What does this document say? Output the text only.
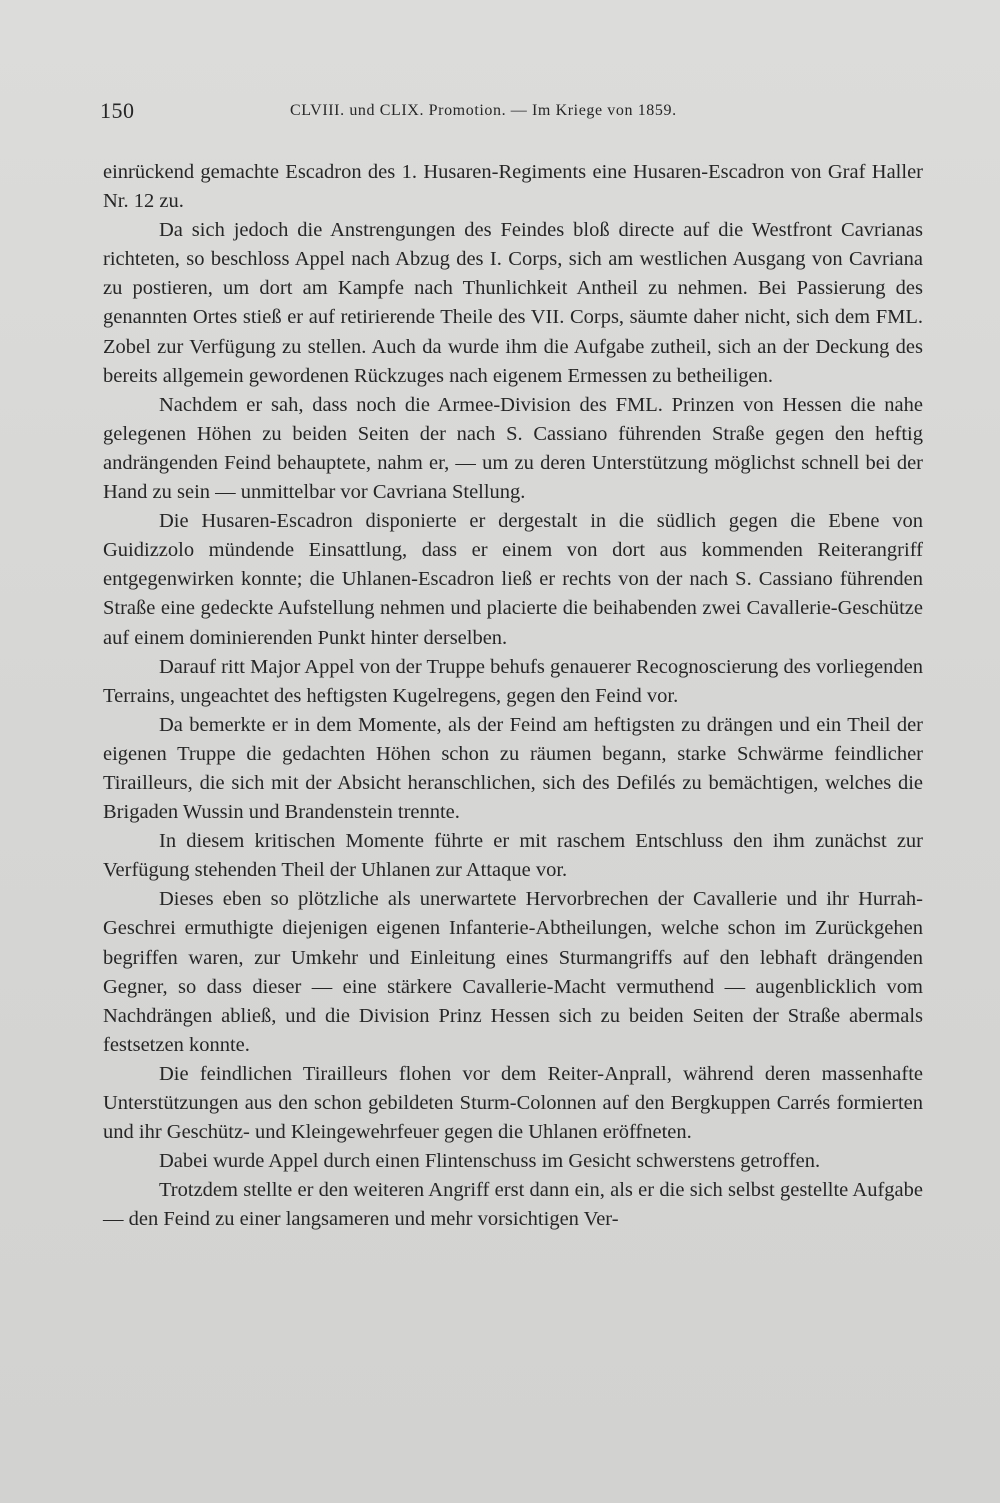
150	CLVIII. und CLIX. Promotion. — Im Kriege von 1859.

einrückend gemachte Escadron des 1. Husaren-Regiments eine Husaren-Escadron von Graf Haller Nr. 12 zu.

Da sich jedoch die Anstrengungen des Feindes bloß directe auf die Westfront Cavrianas richteten, so beschloss Appel nach Abzug des I. Corps, sich am westlichen Ausgang von Cavriana zu postieren, um dort am Kampfe nach Thunlichkeit Antheil zu nehmen. Bei Passierung des genannten Ortes stieß er auf retirierende Theile des VII. Corps, säumte daher nicht, sich dem FML. Zobel zur Verfügung zu stellen. Auch da wurde ihm die Aufgabe zutheil, sich an der Deckung des bereits allgemein gewordenen Rückzuges nach eigenem Ermessen zu betheiligen.

Nachdem er sah, dass noch die Armee-Division des FML. Prinzen von Hessen die nahe gelegenen Höhen zu beiden Seiten der nach S. Cassiano führenden Straße gegen den heftig andrängenden Feind behauptete, nahm er, — um zu deren Unterstützung möglichst schnell bei der Hand zu sein — unmittelbar vor Cavriana Stellung.

Die Husaren-Escadron disponierte er dergestalt in die südlich gegen die Ebene von Guidizzolo mündende Einsattlung, dass er einem von dort aus kommenden Reiterangriff entgegenwirken konnte; die Uhlanen-Escadron ließ er rechts von der nach S. Cassiano führenden Straße eine gedeckte Aufstellung nehmen und placierte die beihabenden zwei Cavallerie-Geschütze auf einem dominierenden Punkt hinter derselben.

Darauf ritt Major Appel von der Truppe behufs genauerer Recognoscierung des vorliegenden Terrains, ungeachtet des heftigsten Kugelregens, gegen den Feind vor.

Da bemerkte er in dem Momente, als der Feind am heftigsten zu drängen und ein Theil der eigenen Truppe die gedachten Höhen schon zu räumen begann, starke Schwärme feindlicher Tirailleurs, die sich mit der Absicht heranschlichen, sich des Defilés zu bemächtigen, welches die Brigaden Wussin und Brandenstein trennte.

In diesem kritischen Momente führte er mit raschem Entschluss den ihm zunächst zur Verfügung stehenden Theil der Uhlanen zur Attaque vor.

Dieses eben so plötzliche als unerwartete Hervorbrechen der Cavallerie und ihr Hurrah-Geschrei ermuthigte diejenigen eigenen Infanterie-Abtheilungen, welche schon im Zurückgehen begriffen waren, zur Umkehr und Einleitung eines Sturmangriffs auf den lebhaft drängenden Gegner, so dass dieser — eine stärkere Cavallerie-Macht vermuthend — augenblicklich vom Nachdrängen abließ, und die Division Prinz Hessen sich zu beiden Seiten der Straße abermals festsetzen konnte.

Die feindlichen Tirailleurs flohen vor dem Reiter-Anprall, während deren massenhafte Unterstützungen aus den schon gebildeten Sturm-Colonnen auf den Bergkuppen Carrés formierten und ihr Geschütz- und Kleingewehrfeuer gegen die Uhlanen eröffneten.

Dabei wurde Appel durch einen Flintenschuss im Gesicht schwerstens getroffen.

Trotzdem stellte er den weiteren Angriff erst dann ein, als er die sich selbst gestellte Aufgabe — den Feind zu einer langsameren und mehr vorsichtigen Ver-
